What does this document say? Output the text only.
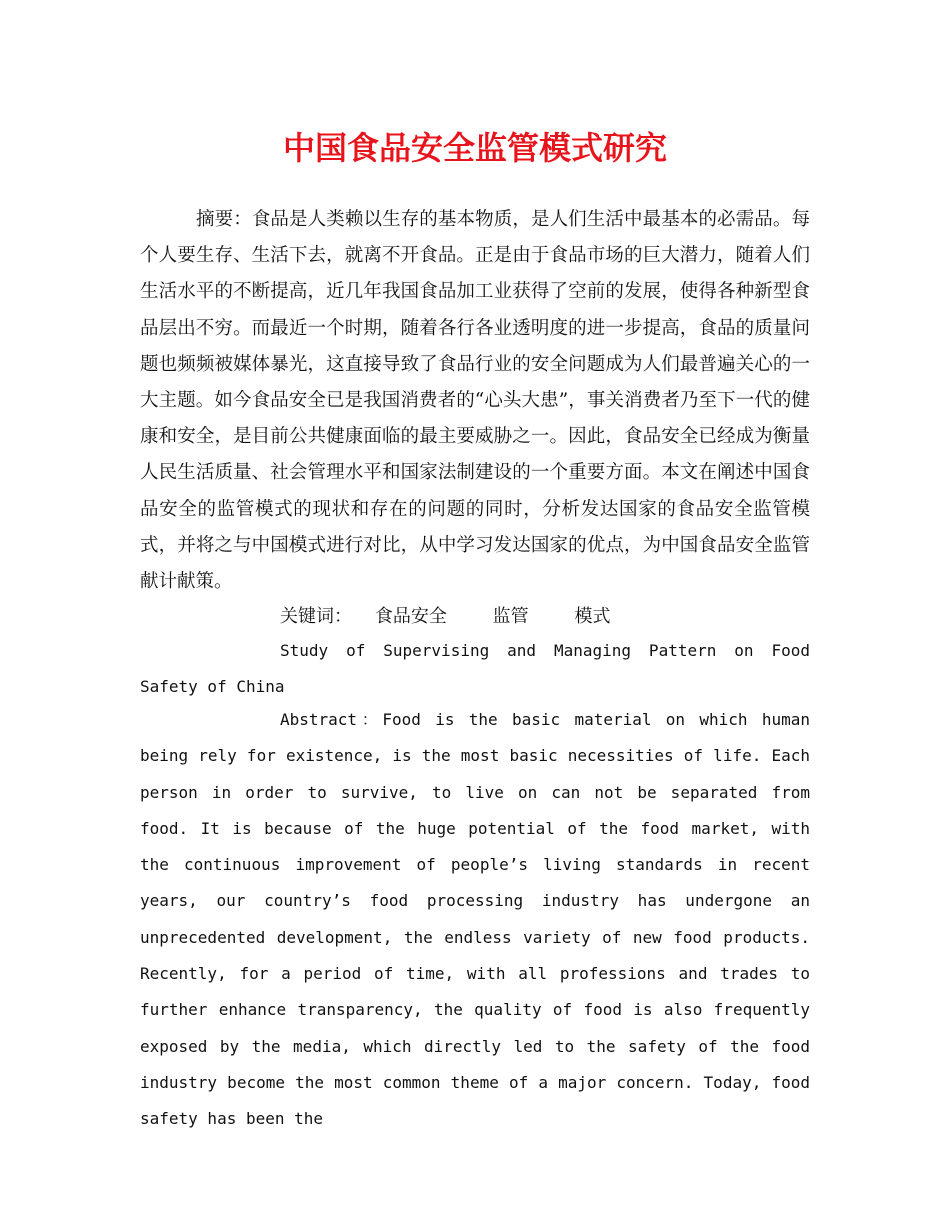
中国食品安全监管模式研究

摘要：食品是人类赖以生存的基本物质，是人们生活中最基本的必需品。每个人要生存、生活下去，就离不开食品。正是由于食品市场的巨大潜力，随着人们生活水平的不断提高，近几年我国食品加工业获得了空前的发展，使得各种新型食品层出不穷。而最近一个时期，随着各行各业透明度的进一步提高，食品的质量问题也频频被媒体暴光，这直接导致了食品行业的安全问题成为人们最普遍关心的一大主题。如今食品安全已是我国消费者的“心头大患”，事关消费者乃至下一代的健康和安全，是目前公共健康面临的最主要威胁之一。因此，食品安全已经成为衡量人民生活质量、社会管理水平和国家法制建设的一个重要方面。本文在阐述中国食品安全的监管模式的现状和存在的问题的同时，分析发达国家的食品安全监管模式，并将之与中国模式进行对比，从中学习发达国家的优点，为中国食品安全监管献计献策。

关键词： 食品安全	监管	模式

Study of Supervising and Managing Pattern on Food Safety of China

Abstract：Food is the basic material on which human being rely for existence, is the most basic necessities of life. Each person in order to survive, to live on can not be separated from food. It is because of the huge potential of the food market, with the continuous improvement of people’s living standards in recent years, our country’s food processing industry has undergone an unprecedented development, the endless variety of new food products. Recently, for a period of time, with all professions and trades to further enhance transparency, the quality of food is also frequently exposed by the media, which directly led to the safety of the food industry become the most common theme of a major concern. Today, food safety has been the
